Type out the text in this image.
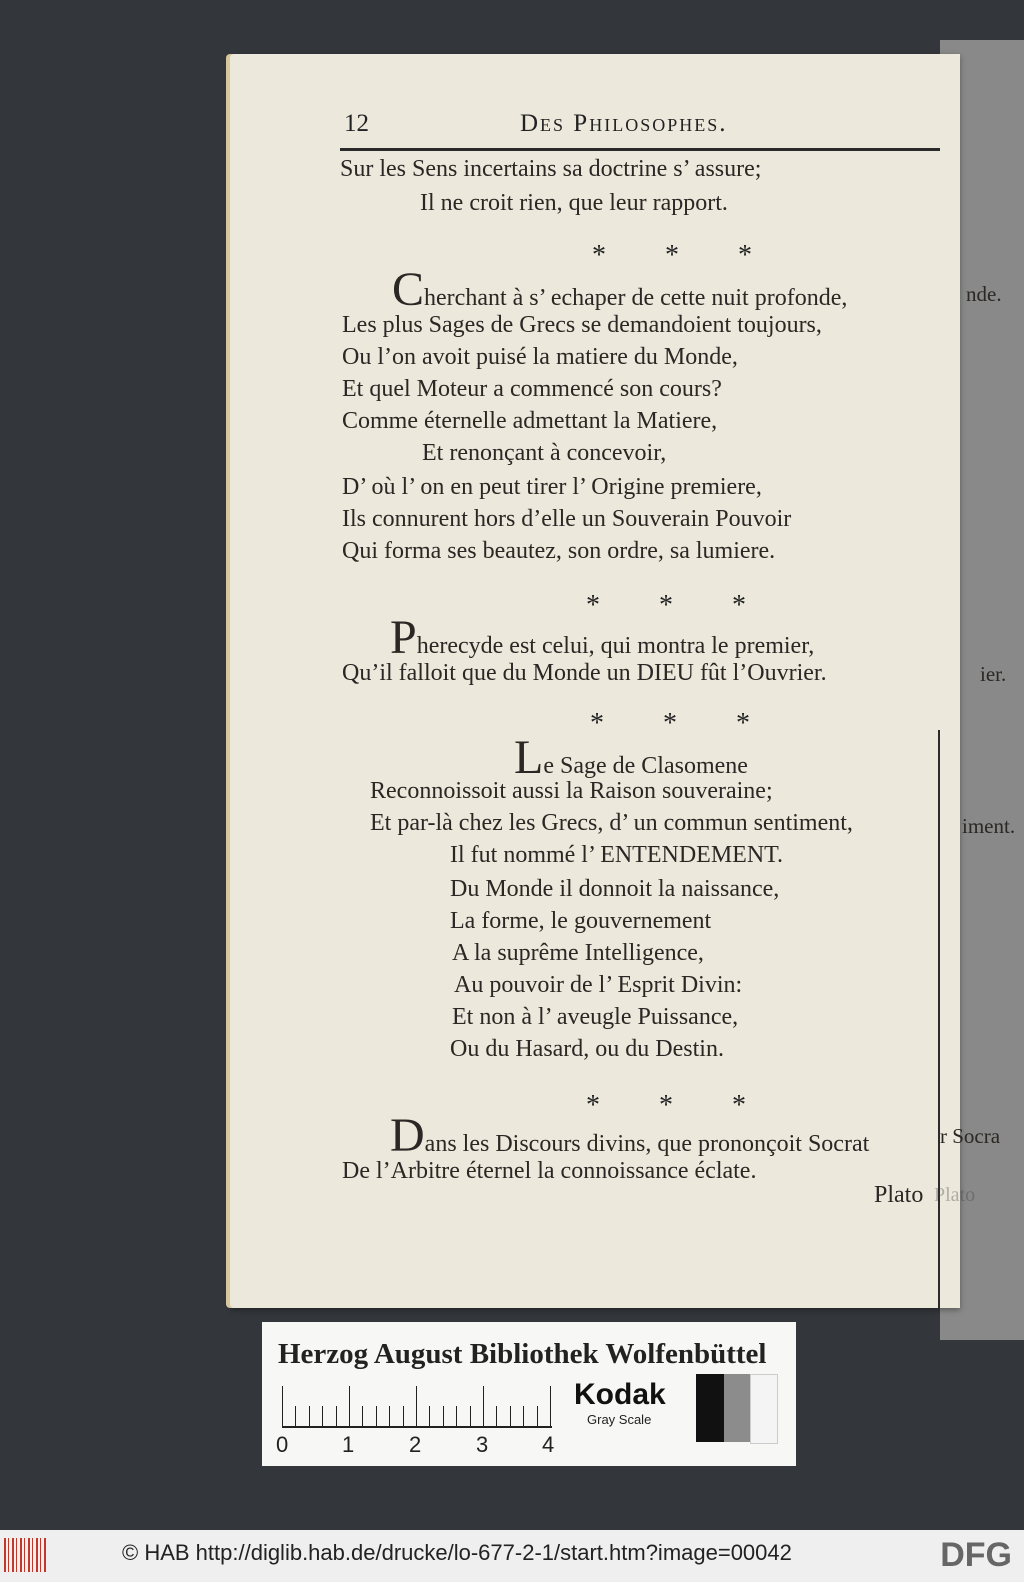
12	Des Philosophes.
Sur les Sens incertains sa doctrine s’ assure;
Il ne croit rien, que leur rapport.
* * *
Cherchant à s’ echaper de cette nuit profonde,
Les plus Sages de Grecs se demandoient toujours,
Ou l’on avoit puisé la matiere du Monde,
Et quel Moteur a commencé son cours?
Comme éternelle admettant la Matiere,
Et renonçant à concevoir,
D’ où l’ on en peut tirer l’ Origine premiere,
Ils connurent hors d’elle un Souverain Pouvoir
Qui forma ses beautez, son ordre, sa lumiere.
* * *
Pherecyde est celui, qui montra le premier,
Qu’il falloit que du Monde un DIEU fût l’Ouvrier.
* * *
Le Sage de Clasomene
Reconnoissoit aussi la Raison souveraine;
Et par-là chez les Grecs, d’ un commun sentiment,
Il fut nommé l’ ENTENDEMENT.
Du Monde il donnoit la naissance,
La forme, le gouvernement
A la suprême Intelligence,
Au pouvoir de l’ Esprit Divin:
Et non à l’ aveugle Puissance,
Ou du Hasard, ou du Destin.
* * *
Dans les Discours divins, que prononçoit Socrat
De l’Arbitre éternel la connoissance éclate.
Plato
nde.
ier.
iment.
r Socra
Plato
Herzog August Bibliothek Wolfenbüttel
0 1 2 3 4
Kodak
Gray Scale
© HAB http://diglib.hab.de/drucke/lo-677-2-1/start.htm?image=00042	DFG
